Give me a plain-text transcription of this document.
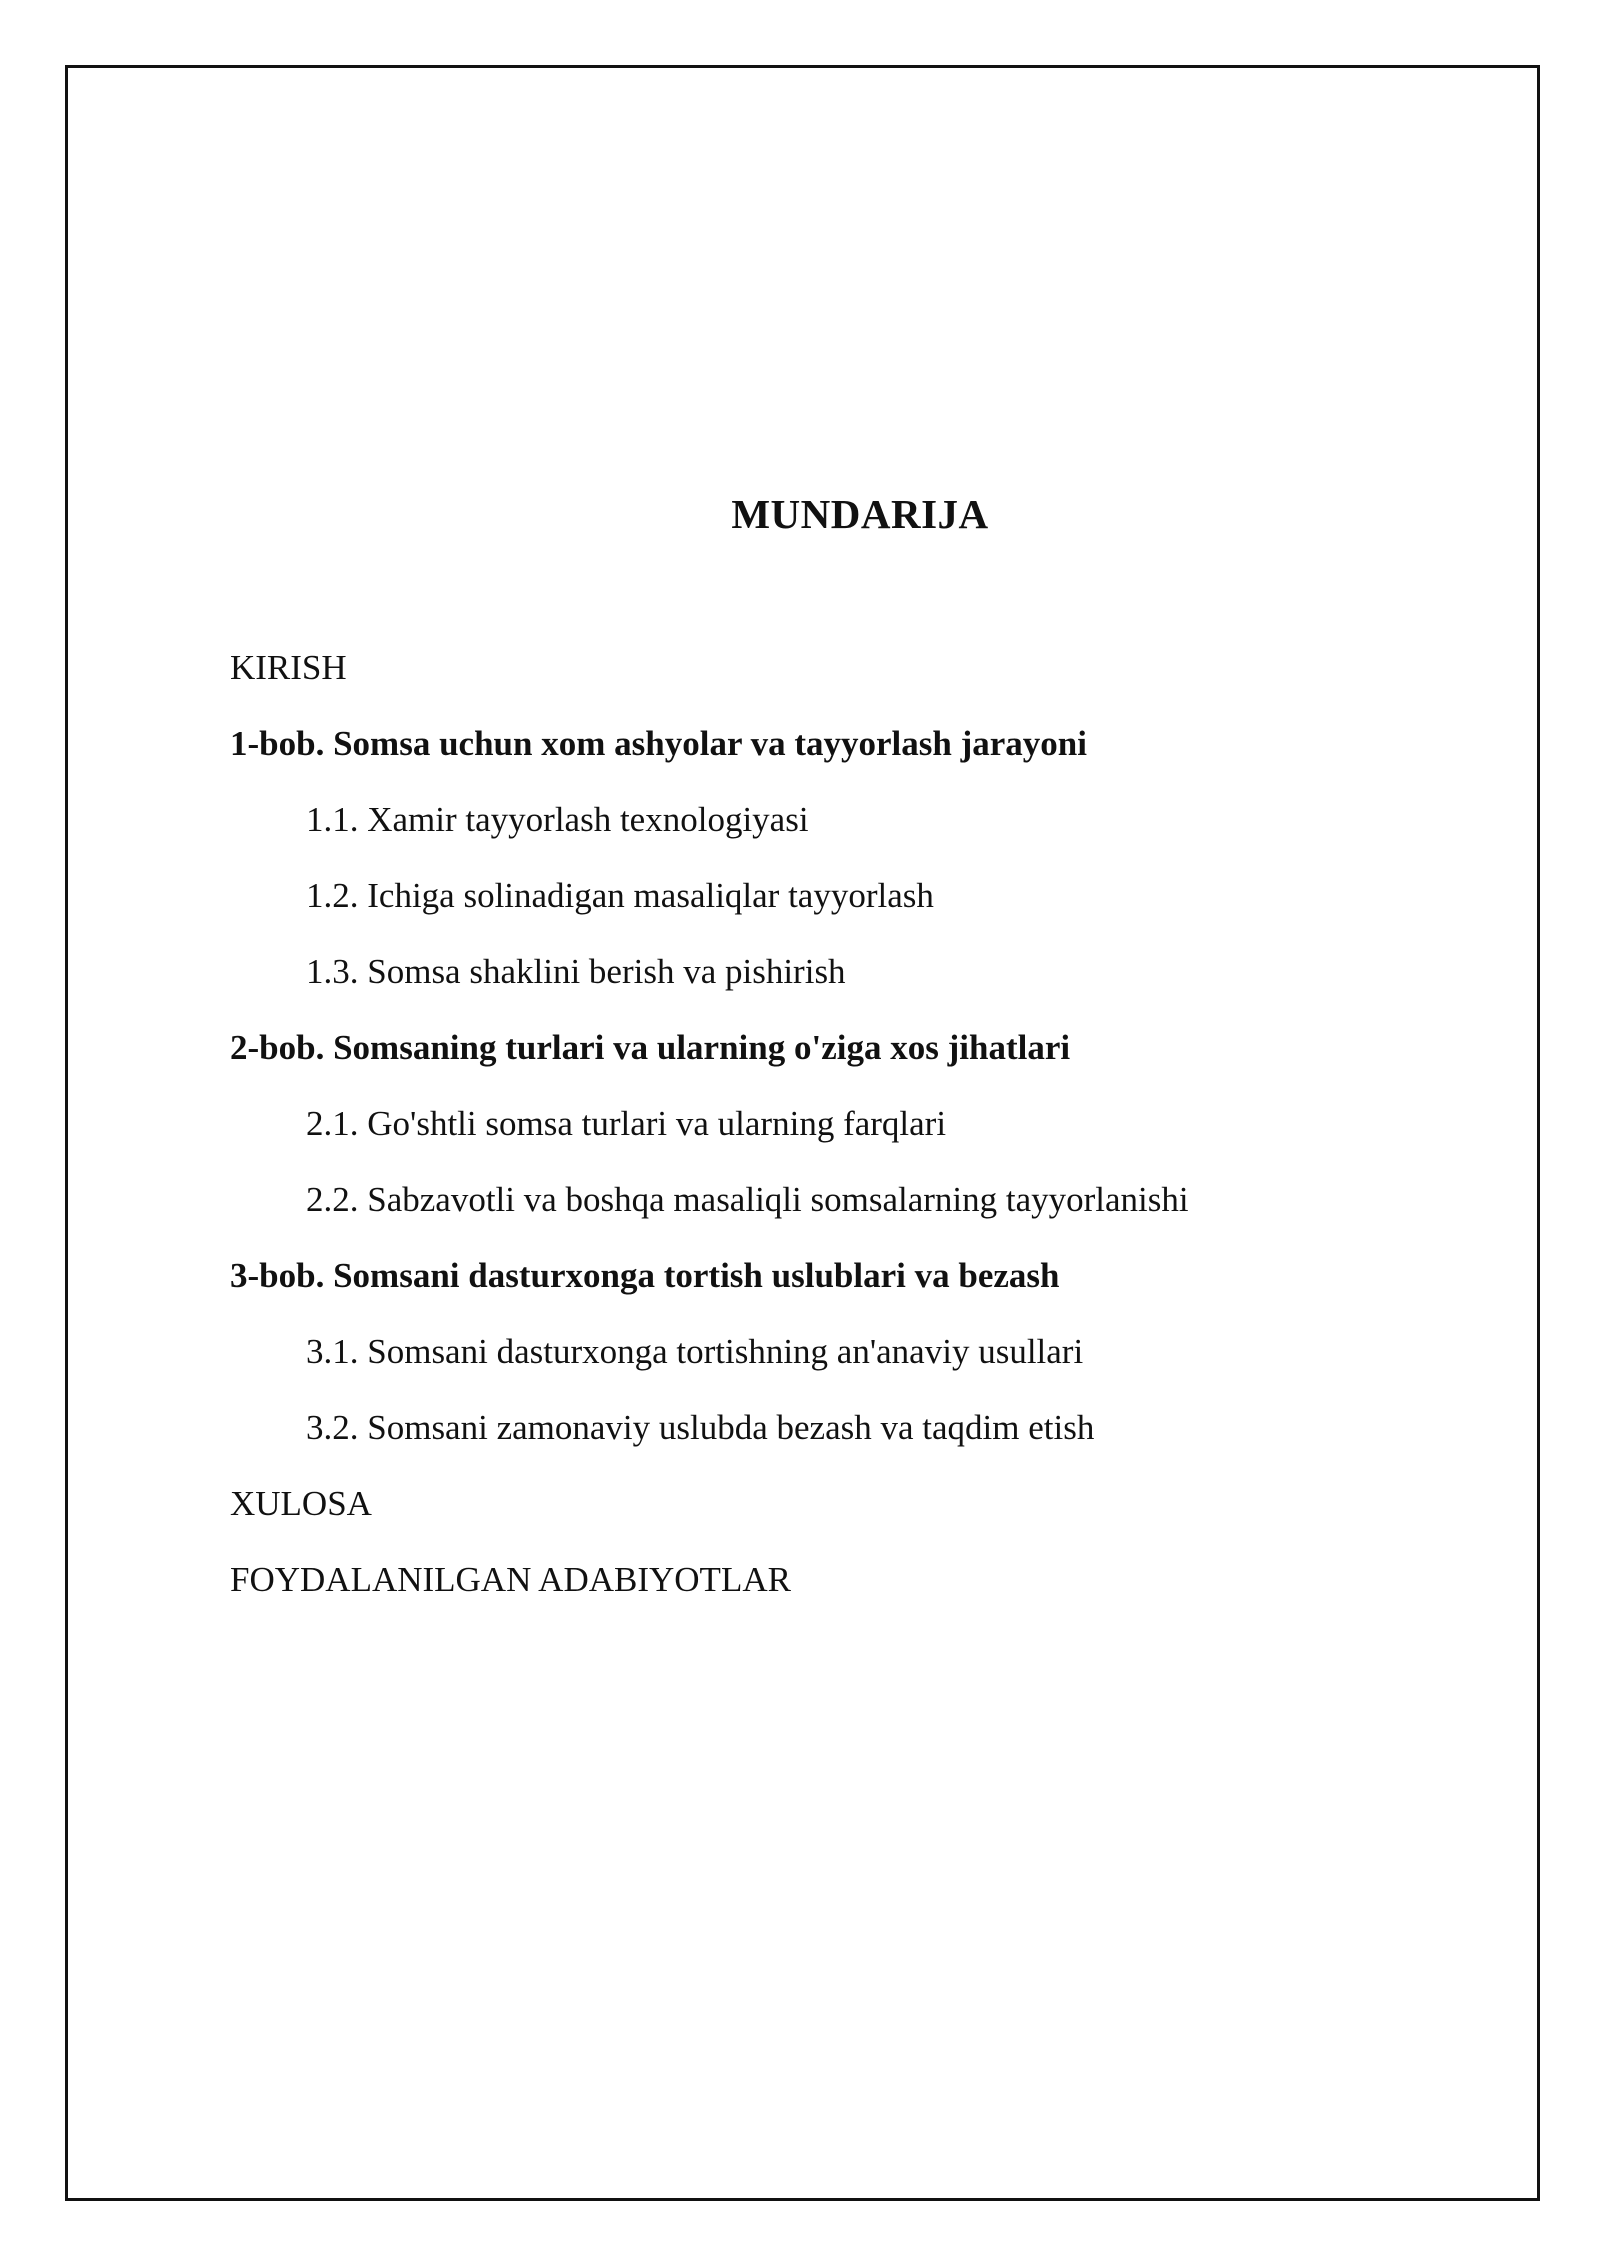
MUNDARIJA
KIRISH
1-bob. Somsa uchun xom ashyolar va tayyorlash jarayoni
1.1. Xamir tayyorlash texnologiyasi
1.2. Ichiga solinadigan masaliqlar tayyorlash
1.3. Somsa shaklini berish va pishirish
2-bob. Somsaning turlari va ularning o'ziga xos jihatlari
2.1. Go'shtli somsa turlari va ularning farqlari
2.2. Sabzavotli va boshqa masaliqli somsalarning tayyorlanishi
3-bob. Somsani dasturxonga tortish uslublari va bezash
3.1. Somsani dasturxonga tortishning an'anaviy usullari
3.2. Somsani zamonaviy uslubda bezash va taqdim etish
XULOSA
FOYDALANILGAN ADABIYOTLAR
